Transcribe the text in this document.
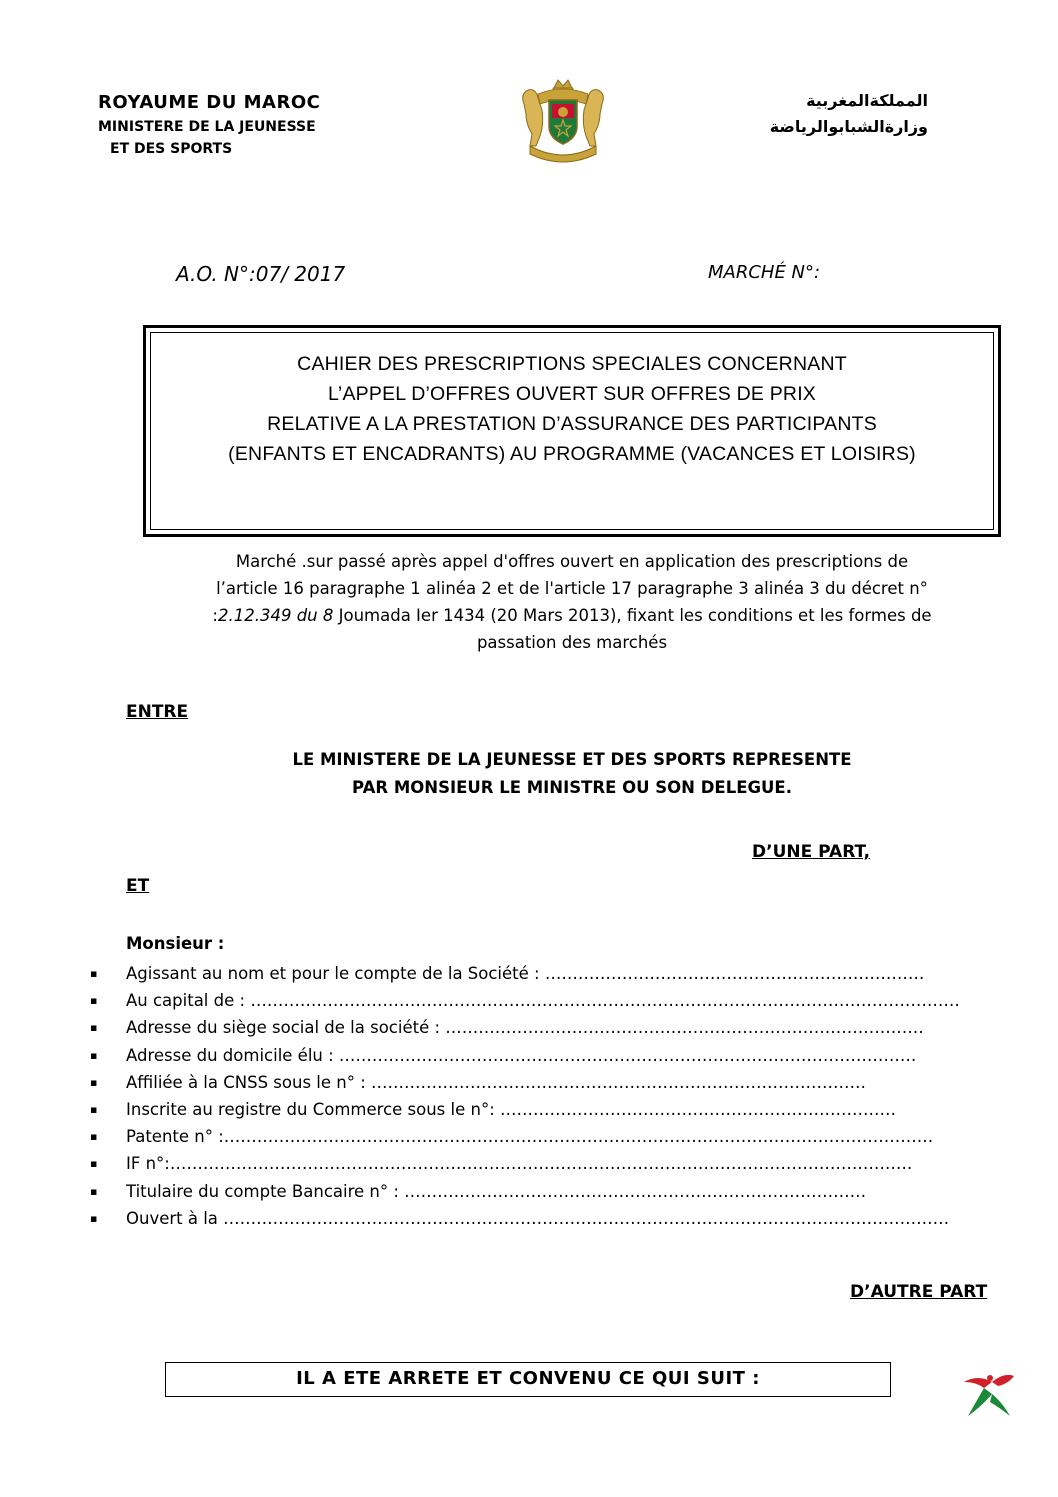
ROYAUME DU MAROC
MINISTERE DE LA JEUNESSE
ET DES SPORTS
المملكةالمغربية
وزارةالشبابوالرياضة
A.O. N°:07/ 2017	MARCHÉ N°:
CAHIER DES PRESCRIPTIONS SPECIALES CONCERNANT
L’APPEL D’OFFRES OUVERT SUR OFFRES DE PRIX
RELATIVE A LA PRESTATION D’ASSURANCE DES PARTICIPANTS
(ENFANTS ET ENCADRANTS) AU PROGRAMME (VACANCES ET LOISIRS)
Marché .sur passé après appel d'offres ouvert en application des prescriptions de
l’article 16 paragraphe 1 alinéa 2 et de l'article 17 paragraphe 3 alinéa 3 du décret n°
:2.12.349 du 8 Joumada Ier 1434 (20 Mars 2013), fixant les conditions et les formes de
passation des marchés
ENTRE
LE MINISTERE DE LA JEUNESSE ET DES SPORTS REPRESENTE
PAR MONSIEUR LE MINISTRE OU SON DELEGUE.
D’UNE PART,
ET
Monsieur :
▪ Agissant au nom et pour le compte de la Société : ……………………………………………………………
▪ Au capital de : …………………………………………………………………………………………………………………
▪ Adresse du siège social de la société : ……………………………………………………………………………
▪ Adresse du domicile élu : ……………………………………………………………………………………………
▪ Affiliée à la CNSS sous le n° : ………………………………………………………………………………
▪ Inscrite au registre du Commerce sous le n°: ………………………………………………………………
▪ Patente n° :…………………………………………………………………………………………………………………
▪ IF n°:………………………………………………………………………………………………………………………
▪ Titulaire du compte Bancaire n° : …………………………………………………………………………
▪ Ouvert à la ……………………………………………………………………………………………………………………
D’AUTRE PART
IL A ETE ARRETE ET CONVENU CE QUI SUIT :
